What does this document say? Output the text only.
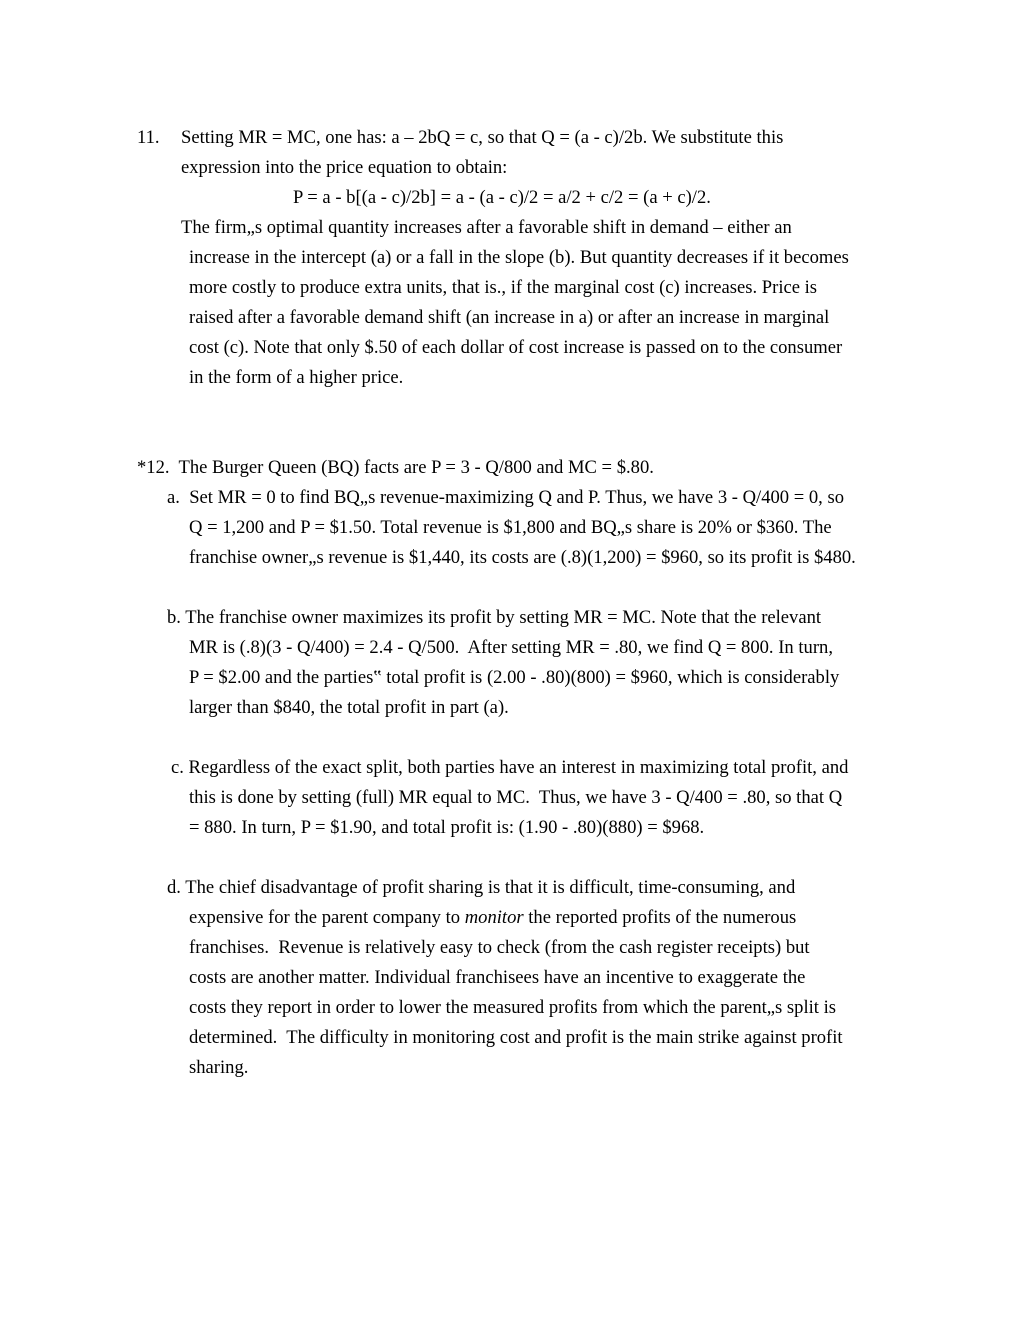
11. Setting MR = MC, one has: a – 2bQ = c, so that Q = (a - c)/2b. We substitute this
expression into the price equation to obtain:
P = a - b[(a - c)/2b] = a - (a - c)/2 = a/2 + c/2 = (a + c)/2.
The firm„s optimal quantity increases after a favorable shift in demand – either an
increase in the intercept (a) or a fall in the slope (b). But quantity decreases if it becomes
more costly to produce extra units, that is., if the marginal cost (c) increases. Price is
raised after a favorable demand shift (an increase in a) or after an increase in marginal
cost (c). Note that only $.50 of each dollar of cost increase is passed on to the consumer
in the form of a higher price.
*12.  The Burger Queen (BQ) facts are P = 3 - Q/800 and MC = $.80.
a.  Set MR = 0 to find BQ„s revenue-maximizing Q and P. Thus, we have 3 - Q/400 = 0, so
Q = 1,200 and P = $1.50. Total revenue is $1,800 and BQ„s share is 20% or $360. The
franchise owner„s revenue is $1,440, its costs are (.8)(1,200) = $960, so its profit is $480.
b. The franchise owner maximizes its profit by setting MR = MC. Note that the relevant
MR is (.8)(3 - Q/400) = 2.4 - Q/500.  After setting MR = .80, we find Q = 800. In turn,
P = $2.00 and the parties‟ total profit is (2.00 - .80)(800) = $960, which is considerably
larger than $840, the total profit in part (a).
c. Regardless of the exact split, both parties have an interest in maximizing total profit, and
this is done by setting (full) MR equal to MC.  Thus, we have 3 - Q/400 = .80, so that Q
= 880. In turn, P = $1.90, and total profit is: (1.90 - .80)(880) = $968.
d. The chief disadvantage of profit sharing is that it is difficult, time-consuming, and
expensive for the parent company to monitor the reported profits of the numerous
franchises.  Revenue is relatively easy to check (from the cash register receipts) but
costs are another matter. Individual franchisees have an incentive to exaggerate the
costs they report in order to lower the measured profits from which the parent„s split is
determined.  The difficulty in monitoring cost and profit is the main strike against profit
sharing.
